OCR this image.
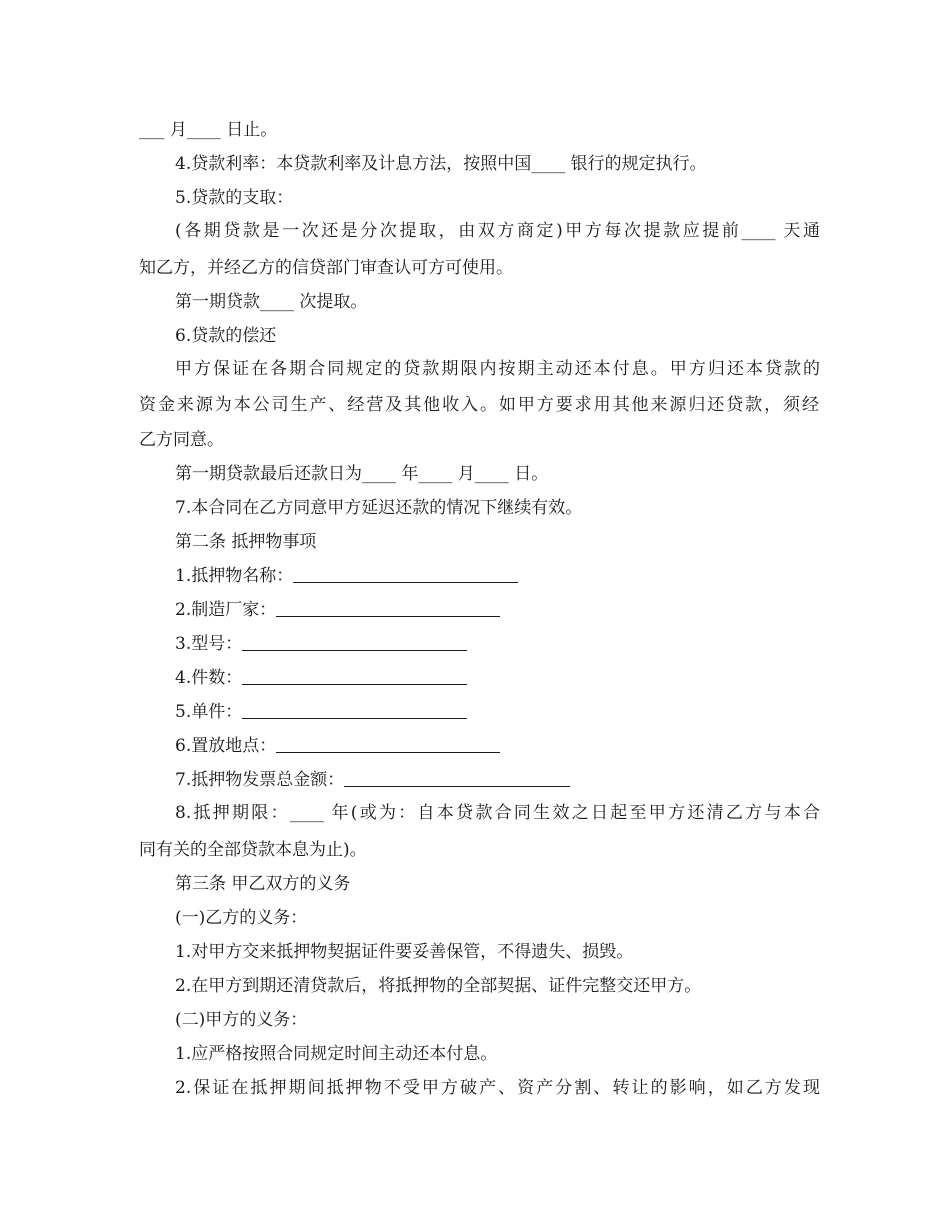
___ 月____ 日止。
4.贷款利率：本贷款利率及计息方法，按照中国____ 银行的规定执行。
5.贷款的支取：
(各期贷款是一次还是分次提取，由双方商定)甲方每次提款应提前____ 天通
知乙方，并经乙方的信贷部门审查认可方可使用。
第一期贷款____ 次提取。
6.贷款的偿还
甲方保证在各期合同规定的贷款期限内按期主动还本付息。甲方归还本贷款的
资金来源为本公司生产、经营及其他收入。如甲方要求用其他来源归还贷款，须经
乙方同意。
第一期贷款最后还款日为____ 年____ 月____ 日。
7.本合同在乙方同意甲方延迟还款的情况下继续有效。
第二条 抵押物事项
1.抵押物名称：
2.制造厂家：
3.型号：
4.件数：
5.单件：
6.置放地点：
7.抵押物发票总金额：
8.抵押期限：____ 年(或为：自本贷款合同生效之日起至甲方还清乙方与本合
同有关的全部贷款本息为止)。
第三条 甲乙双方的义务
(一)乙方的义务：
1.对甲方交来抵押物契据证件要妥善保管，不得遗失、损毁。
2.在甲方到期还清贷款后，将抵押物的全部契据、证件完整交还甲方。
(二)甲方的义务：
1.应严格按照合同规定时间主动还本付息。
2.保证在抵押期间抵押物不受甲方破产、资产分割、转让的影响，如乙方发现
